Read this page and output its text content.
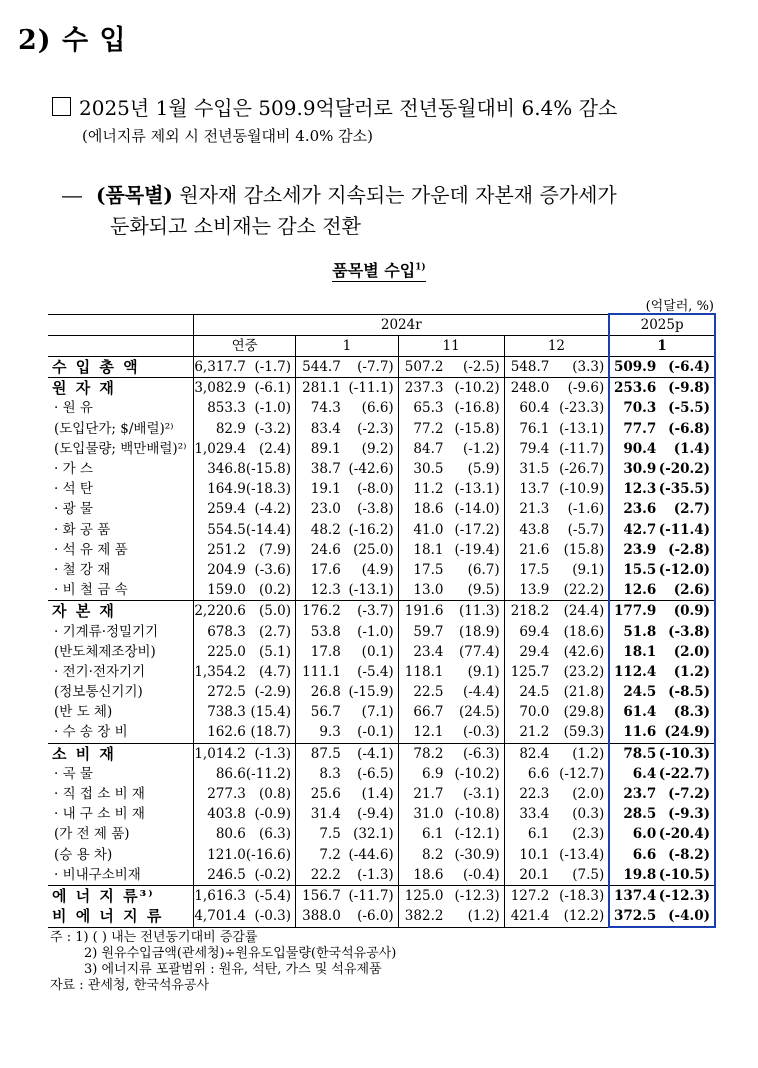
2) 수 입
2025년 1월 수입은 509.9억달러로 전년동월대비 6.4% 감소
(에너지류 제외 시 전년동월대비 4.0% 감소)
― (품목별) 원자재 감소세가 지속되는 가운데 자본재 증가세가
둔화되고 소비재는 감소 전환
품목별 수입$^{1)}$
(억달러, %)
	2024r								2025p	
	연중		1		11		12		1	
수 입 총 액	6,317.7	(-1.7)	544.7	(-7.7)	507.2	(-2.5)	548.7	(3.3)	509.9	(-6.4)
원 자 재	3,082.9	(-6.1)	281.1	(-11.1)	237.3	(-10.2)	248.0	(-9.6)	253.6	(-9.8)
· 원 유	853.3	(-1.0)	74.3	(6.6)	65.3	(-16.8)	60.4	(-23.3)	70.3	(-5.5)
(도입단가; $/배럴)²⁾	82.9	(-3.2)	83.4	(-2.3)	77.2	(-15.8)	76.1	(-13.1)	77.7	(-6.8)
(도입물량; 백만배럴)²⁾	1,029.4	(2.4)	89.1	(9.2)	84.7	(-1.2)	79.4	(-11.7)	90.4	(1.4)
· 가 스	346.8	(-15.8)	38.7	(-42.6)	30.5	(5.9)	31.5	(-26.7)	30.9	(-20.2)
· 석 탄	164.9	(-18.3)	19.1	(-8.0)	11.2	(-13.1)	13.7	(-10.9)	12.3	(-35.5)
· 광 물	259.4	(-4.2)	23.0	(-3.8)	18.6	(-14.0)	21.3	(-1.6)	23.6	(2.7)
· 화 공 품	554.5	(-14.4)	48.2	(-16.2)	41.0	(-17.2)	43.8	(-5.7)	42.7	(-11.4)
· 석 유 제 품	251.2	(7.9)	24.6	(25.0)	18.1	(-19.4)	21.6	(15.8)	23.9	(-2.8)
· 철 강 재	204.9	(-3.6)	17.6	(4.9)	17.5	(6.7)	17.5	(9.1)	15.5	(-12.0)
· 비 철 금 속	159.0	(0.2)	12.3	(-13.1)	13.0	(9.5)	13.9	(22.2)	12.6	(2.6)
자 본 재	2,220.6	(5.0)	176.2	(-3.7)	191.6	(11.3)	218.2	(24.4)	177.9	(0.9)
· 기계류·정밀기기	678.3	(2.7)	53.8	(-1.0)	59.7	(18.9)	69.4	(18.6)	51.8	(-3.8)
(반도체제조장비)	225.0	(5.1)	17.8	(0.1)	23.4	(77.4)	29.4	(42.6)	18.1	(2.0)
· 전기·전자기기	1,354.2	(4.7)	111.1	(-5.4)	118.1	(9.1)	125.7	(23.2)	112.4	(1.2)
(정보통신기기)	272.5	(-2.9)	26.8	(-15.9)	22.5	(-4.4)	24.5	(21.8)	24.5	(-8.5)
(반 도 체)	738.3	(15.4)	56.7	(7.1)	66.7	(24.5)	70.0	(29.8)	61.4	(8.3)
· 수 송 장 비	162.6	(18.7)	9.3	(-0.1)	12.1	(-0.3)	21.2	(59.3)	11.6	(24.9)
소 비 재	1,014.2	(-1.3)	87.5	(-4.1)	78.2	(-6.3)	82.4	(1.2)	78.5	(-10.3)
· 곡 물	86.6	(-11.2)	8.3	(-6.5)	6.9	(-10.2)	6.6	(-12.7)	6.4	(-22.7)
· 직 접 소 비 재	277.3	(0.8)	25.6	(1.4)	21.7	(-3.1)	22.3	(2.0)	23.7	(-7.2)
· 내 구 소 비 재	403.8	(-0.9)	31.4	(-9.4)	31.0	(-10.8)	33.4	(0.3)	28.5	(-9.3)
(가 전 제 품)	80.6	(6.3)	7.5	(32.1)	6.1	(-12.1)	6.1	(2.3)	6.0	(-20.4)
(승 용 차)	121.0	(-16.6)	7.2	(-44.6)	8.2	(-30.9)	10.1	(-13.4)	6.6	(-8.2)
· 비내구소비재	246.5	(-0.2)	22.2	(-1.3)	18.6	(-0.4)	20.1	(7.5)	19.8	(-10.5)
에 너 지 류³⁾	1,616.3	(-5.4)	156.7	(-11.7)	125.0	(-12.3)	127.2	(-18.3)	137.4	(-12.3)
비 에 너 지 류	4,701.4	(-0.3)	388.0	(-6.0)	382.2	(1.2)	421.4	(12.2)	372.5	(-4.0)
주 : 1) ( ) 내는 전년동기대비 증감률
2) 원유수입금액(관세청)÷원유도입물량(한국석유공사)
3) 에너지류 포괄범위 : 원유, 석탄, 가스 및 석유제품
자료 : 관세청, 한국석유공사
